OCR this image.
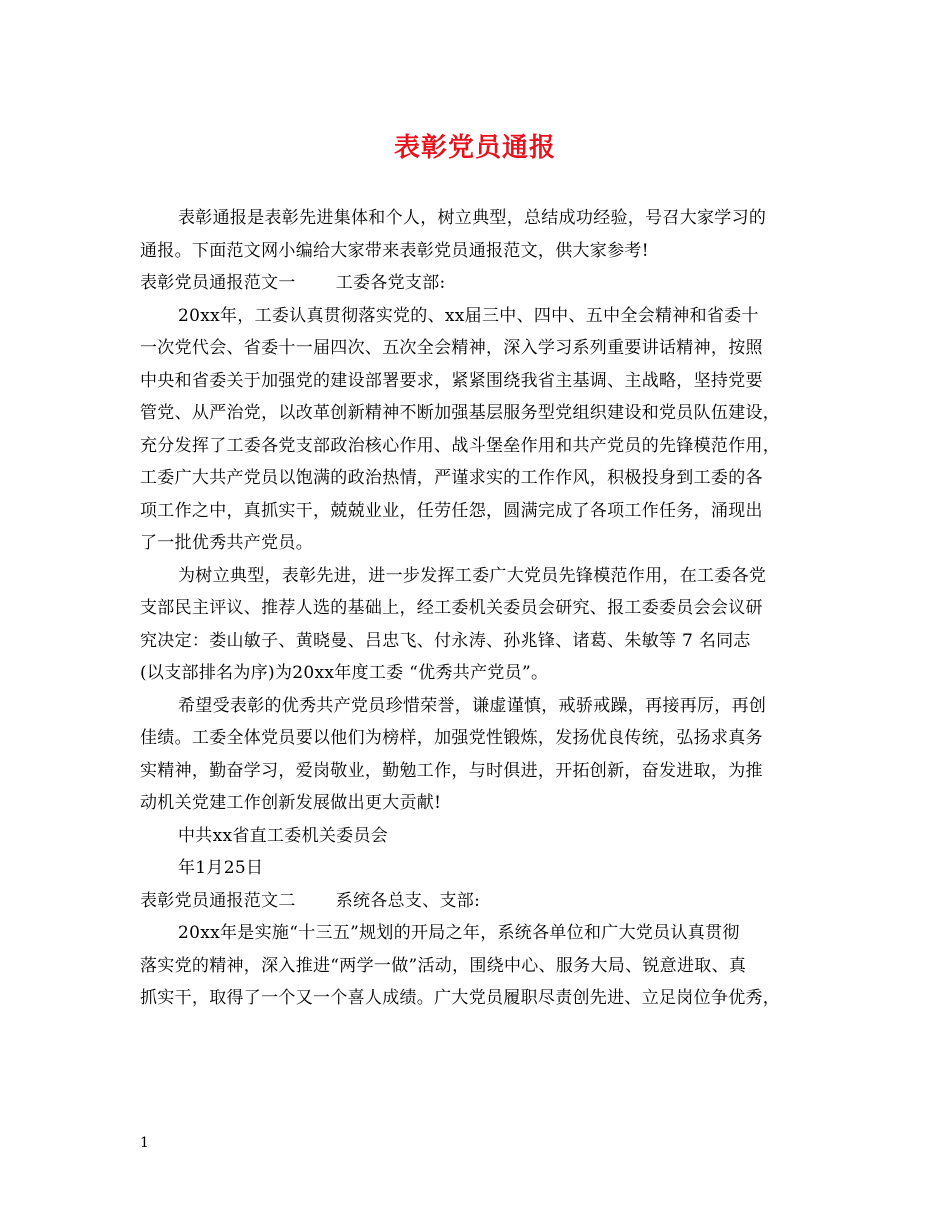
表彰党员通报
表彰通报是表彰先进集体和个人，树立典型，总结成功经验，号召大家学习的
通报。下面范文网小编给大家带来表彰党员通报范文，供大家参考!
表彰党员通报范文一 工委各党支部:
20xx年，工委认真贯彻落实党的、xx届三中、四中、五中全会精神和省委十
一次党代会、省委十一届四次、五次全会精神，深入学习系列重要讲话精神，按照
中央和省委关于加强党的建设部署要求，紧紧围绕我省主基调、主战略，坚持党要
管党、从严治党，以改革创新精神不断加强基层服务型党组织建设和党员队伍建设，
充分发挥了工委各党支部政治核心作用、战斗堡垒作用和共产党员的先锋模范作用，
工委广大共产党员以饱满的政治热情，严谨求实的工作作风，积极投身到工委的各
项工作之中，真抓实干，兢兢业业，任劳任怨，圆满完成了各项工作任务，涌现出
了一批优秀共产党员。
为树立典型，表彰先进，进一步发挥工委广大党员先锋模范作用，在工委各党
支部民主评议、推荐人选的基础上，经工委机关委员会研究、报工委委员会会议研
究决定：娄山敏子、黄晓曼、吕忠飞、付永涛、孙兆锋、诸葛、朱敏等 7 名同志
(以支部排名为序)为20xx年度工委 “优秀共产党员”。
希望受表彰的优秀共产党员珍惜荣誉，谦虚谨慎，戒骄戒躁，再接再厉，再创
佳绩。工委全体党员要以他们为榜样，加强党性锻炼，发扬优良传统，弘扬求真务
实精神，勤奋学习，爱岗敬业，勤勉工作，与时俱进，开拓创新，奋发进取，为推
动机关党建工作创新发展做出更大贡献!
中共xx省直工委机关委员会
年1月25日
表彰党员通报范文二 系统各总支、支部:
20xx年是实施“十三五”规划的开局之年，系统各单位和广大党员认真贯彻
落实党的精神，深入推进“两学一做”活动，围绕中心、服务大局、锐意进取、真
抓实干，取得了一个又一个喜人成绩。广大党员履职尽责创先进、立足岗位争优秀，
1
